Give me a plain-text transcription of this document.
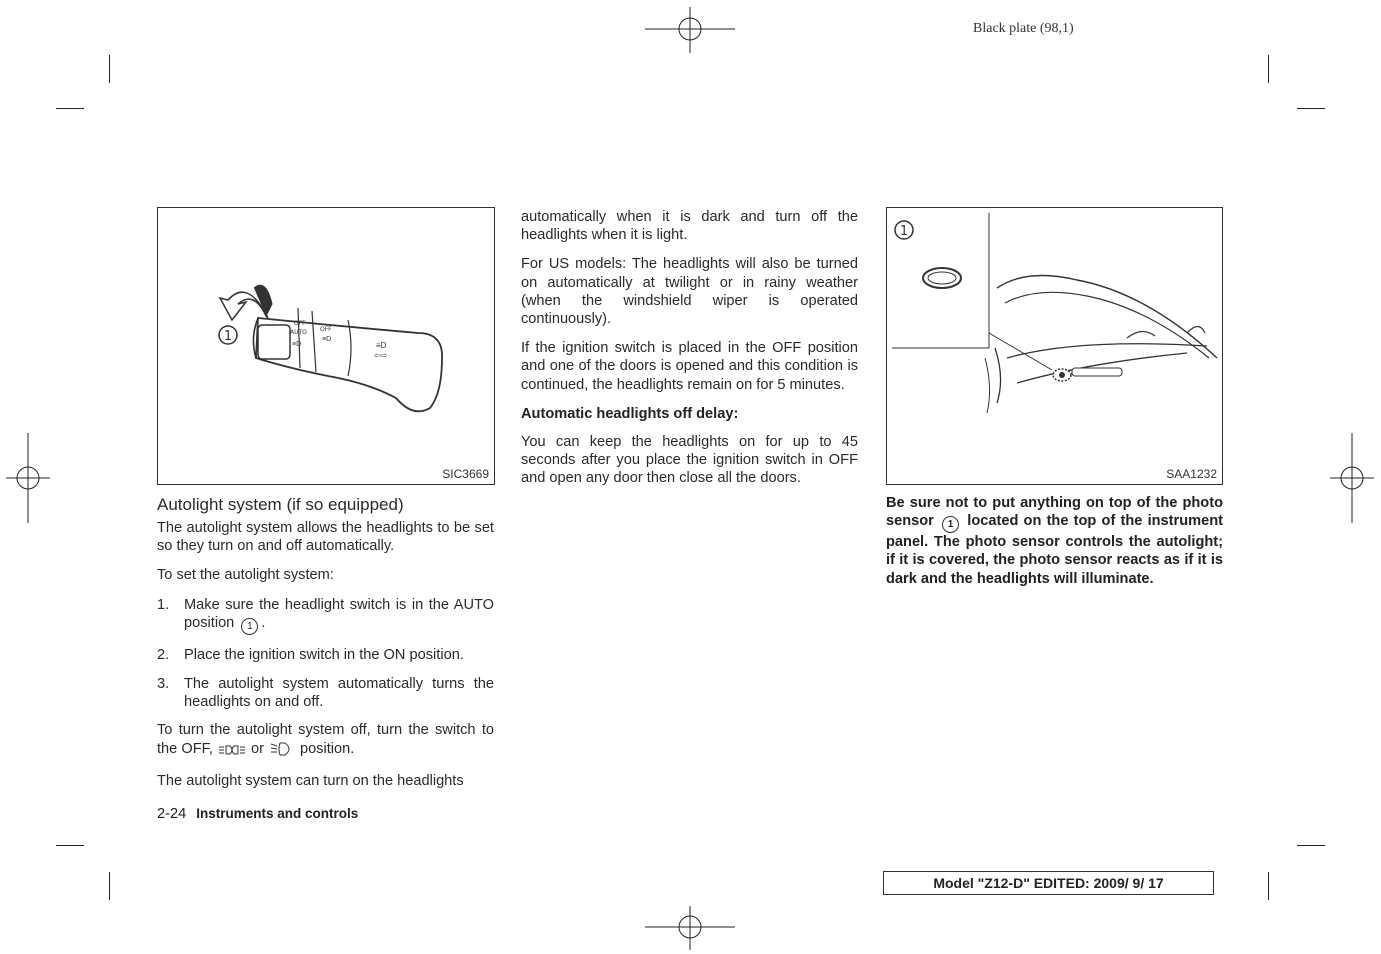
Black plate (98,1)
OFF
AUTO OFF
≡D
≡D
≡D
⇦⇨
1
SIC3669
1
SAA1232
Autolight system (if so equipped)

The autolight system allows the headlights to be set so they turn on and off automatically.

To set the autolight system:

1.	Make sure the headlight switch is in the AUTO position 1 .
2.	Place the ignition switch in the ON position.
3.	The autolight system automatically turns the headlights on and off.

To turn the autolight system off, turn the switch to the OFF,	or position.

The autolight system can turn on the headlights

automatically when it is dark and turn off the headlights when it is light.

For US models: The headlights will also be turned on automatically at twilight or in rainy weather (when the windshield wiper is operated continuously).

If the ignition switch is placed in the OFF position and one of the doors is opened and this condition is continued, the headlights remain on for 5 minutes.

Automatic headlights off delay:

You can keep the headlights on for up to 45 seconds after you place the ignition switch in OFF and open any door then close all the doors.

Be sure not to put anything on top of the photo sensor 1 located on the top of the instrument panel. The photo sensor controls the autolight; if it is covered, the photo sensor reacts as if it is dark and the headlights will illuminate.

2-24 Instruments and controls
Model "Z12-D" EDITED: 2009/ 9/ 17
